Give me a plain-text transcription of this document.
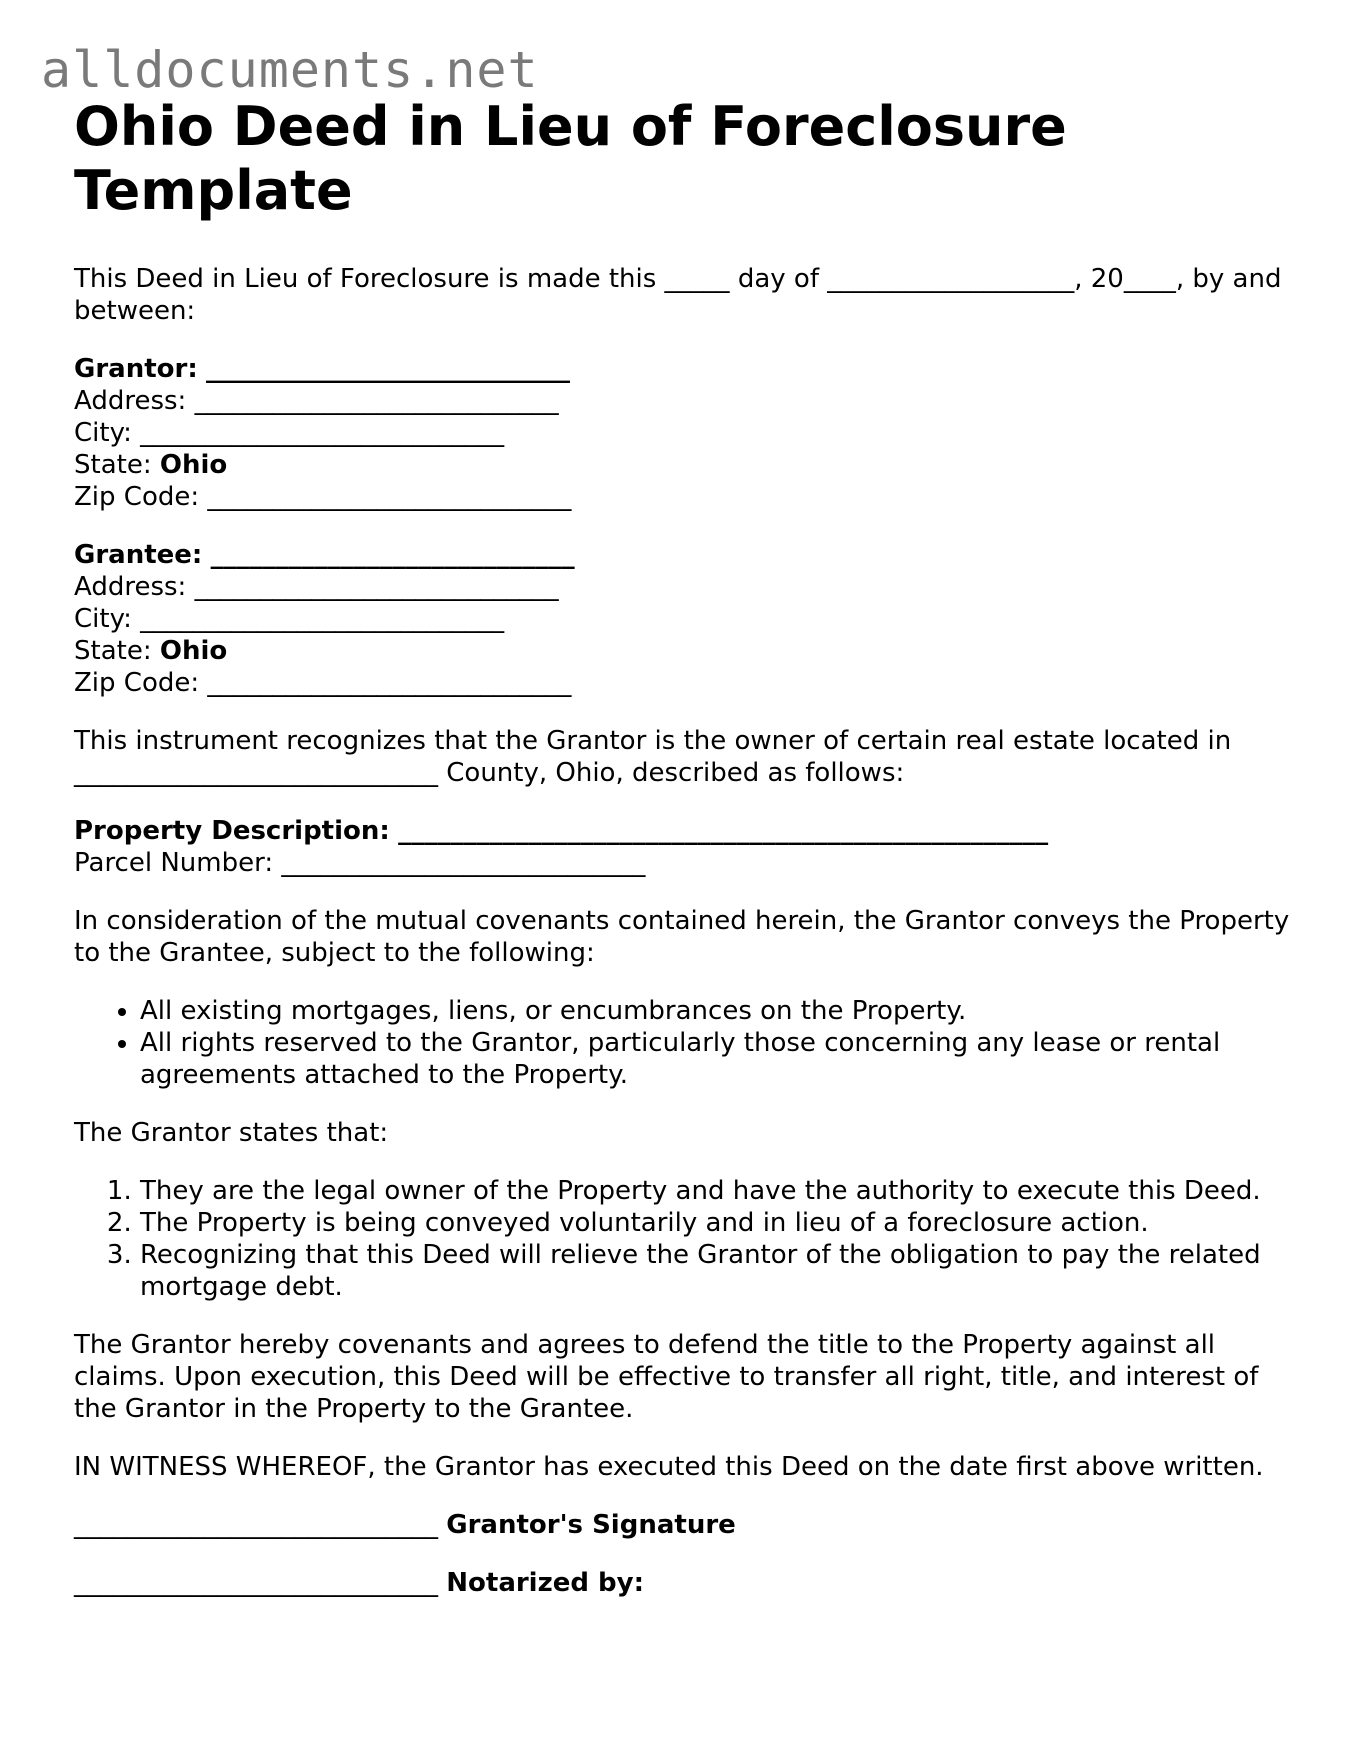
alldocuments.net
Ohio Deed in Lieu of Foreclosure Template

This Deed in Lieu of Foreclosure is made this _____ day of ___________________, 20____, by and between:

Grantor: ____________________________
Address: ____________________________
City: ____________________________
State: Ohio
Zip Code: ____________________________
Grantee: ____________________________
Address: ____________________________
City: ____________________________
State: Ohio
Zip Code: ____________________________

This instrument recognizes that the Grantor is the owner of certain real estate located in ____________________________ County, Ohio, described as follows:

Property Description: __________________________________________________
Parcel Number: ____________________________

In consideration of the mutual covenants contained herein, the Grantor conveys the Property to the Grantee, subject to the following:

• All existing mortgages, liens, or encumbrances on the Property.
• All rights reserved to the Grantor, particularly those concerning any lease or rental agreements attached to the Property.

The Grantor states that:

1. They are the legal owner of the Property and have the authority to execute this Deed.
2. The Property is being conveyed voluntarily and in lieu of a foreclosure action.
3. Recognizing that this Deed will relieve the Grantor of the obligation to pay the related mortgage debt.

The Grantor hereby covenants and agrees to defend the title to the Property against all claims. Upon execution, this Deed will be effective to transfer all right, title, and interest of the Grantor in the Property to the Grantee.

IN WITNESS WHEREOF, the Grantor has executed this Deed on the date first above written.

____________________________ Grantor's Signature
____________________________ Notarized by:
